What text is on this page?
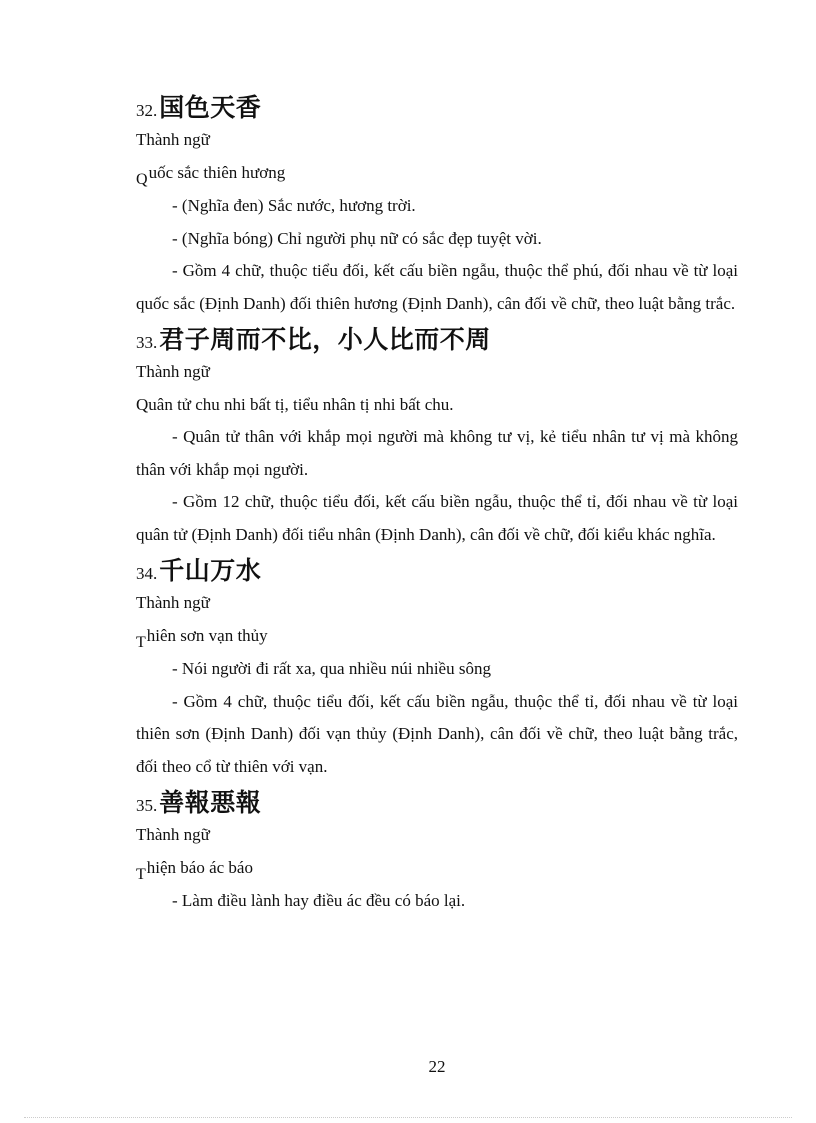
32. 国色天香

Thành ngữ

Quốc sắc thiên hương

- (Nghĩa đen) Sắc nước, hương trời.

- (Nghĩa bóng) Chỉ người phụ nữ có sắc đẹp tuyệt vời.

- Gồm 4 chữ, thuộc tiểu đối, kết cấu biền ngẫu, thuộc thể phú, đối nhau về từ loại quốc sắc (Định Danh) đối thiên hương (Định Danh), cân đối về chữ, theo luật bằng trắc.

33. 君子周而不比，小人比而不周

Thành ngữ

Quân tử chu nhi bất tị, tiểu nhân tị nhi bất chu.

- Quân tử thân với khắp mọi người mà không tư vị, kẻ tiểu nhân tư vị mà không thân với khắp mọi người.

- Gồm 12 chữ, thuộc tiểu đối, kết cấu biền ngẫu, thuộc thể tỉ, đối nhau về từ loại quân tử (Định Danh) đối tiểu nhân (Định Danh), cân đối về chữ, đối kiểu khác nghĩa.

34. 千山万水

Thành ngữ

Thiên sơn vạn thủy

- Nói người đi rất xa, qua nhiều núi nhiều sông

- Gồm 4 chữ, thuộc tiểu đối, kết cấu biền ngẫu, thuộc thể tỉ, đối nhau về từ loại thiên sơn (Định Danh) đối vạn thủy (Định Danh), cân đối về chữ, theo luật bằng trắc, đối theo cổ từ thiên với vạn.

35. 善報悪報

Thành ngữ

Thiện báo ác báo

- Làm điều lành hay điều ác đều có báo lại.

22
